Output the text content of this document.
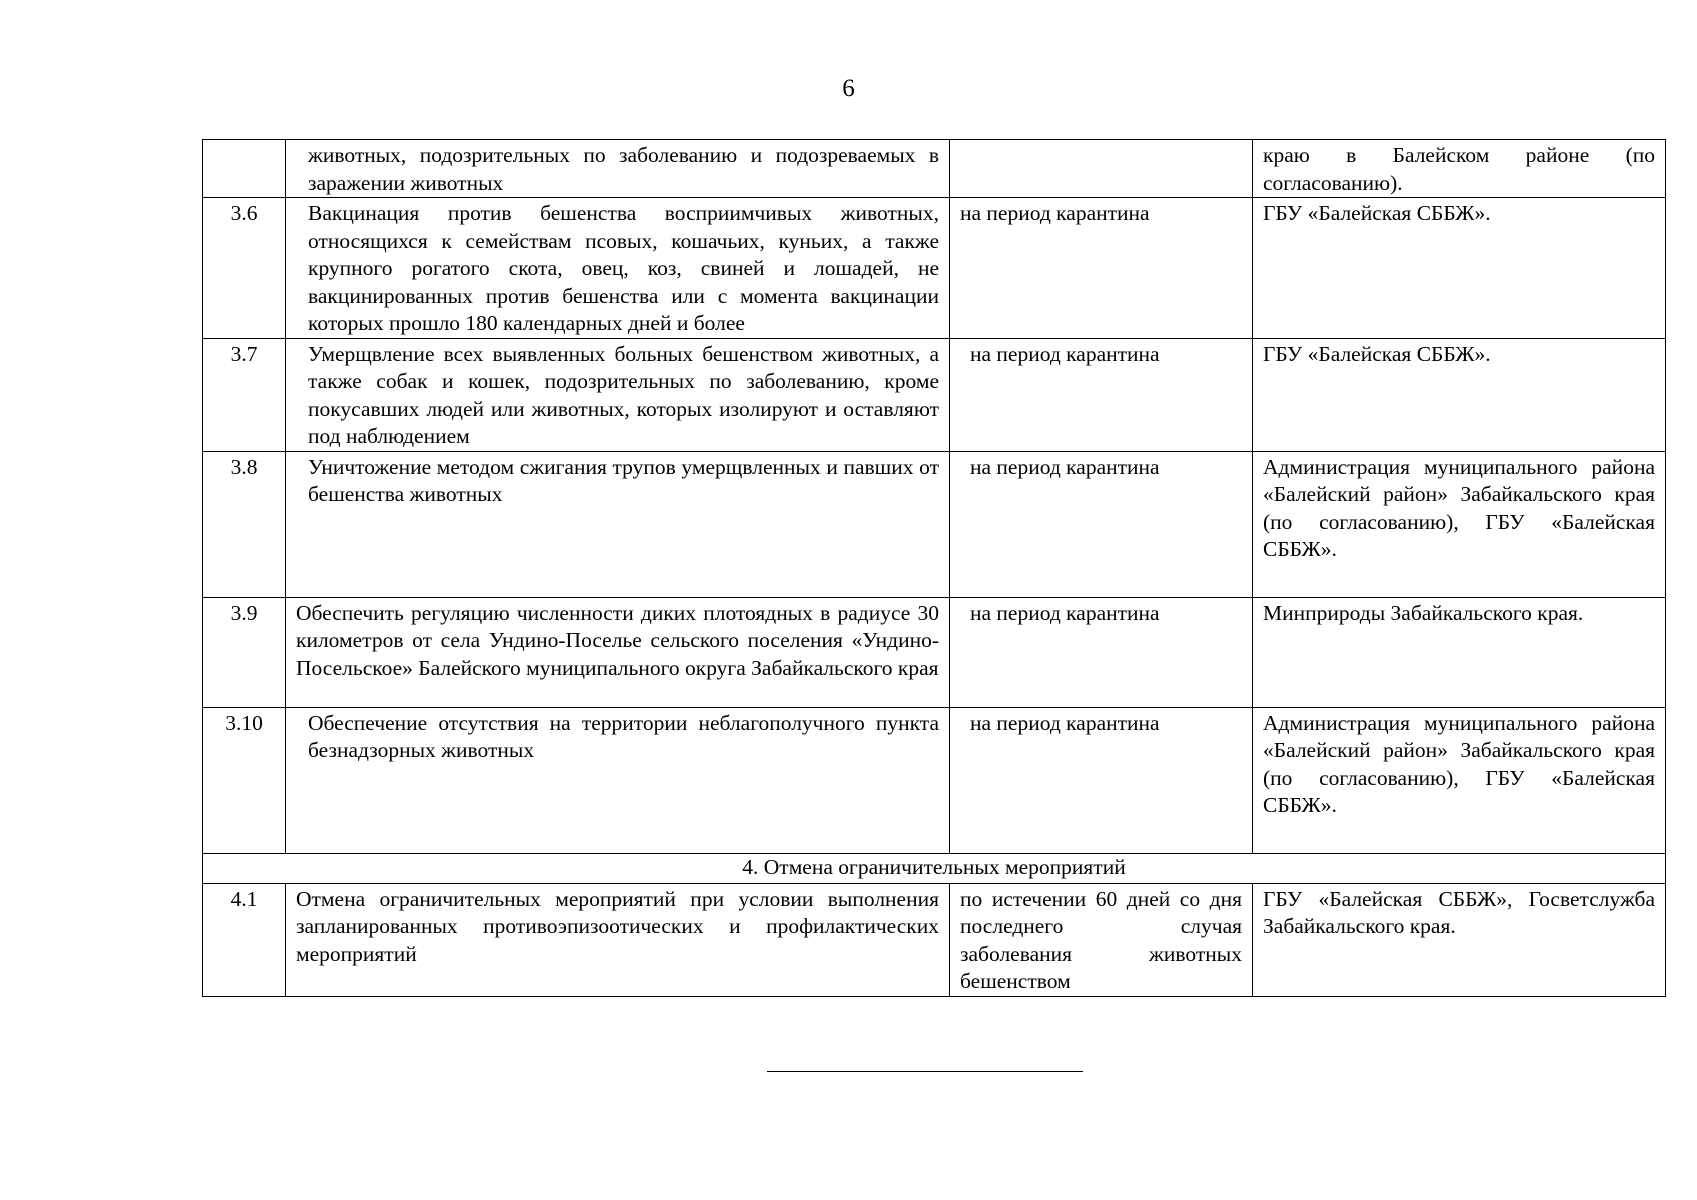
6
	животных, подозрительных по заболеванию и подозреваемых в заражении животных		краю в Балейском районе (по согласованию).
3.6	Вакцинация против бешенства восприимчивых животных, относящихся к семействам псовых, кошачьих, куньих, а также крупного рогатого скота, овец, коз, свиней и лошадей, не вакцинированных против бешенства или с момента вакцинации которых прошло 180 календарных дней и более	на период карантина	ГБУ «Балейская СББЖ».
3.7	Умерщвление всех выявленных больных бешенством животных, а также собак и кошек, подозрительных по заболеванию, кроме покусавших людей или животных, которых изолируют и оставляют под наблюдением	на период карантина	ГБУ «Балейская СББЖ».
3.8	Уничтожение методом сжигания трупов умерщвленных и павших от бешенства животных	на период карантина	Администрация муниципального района «Балейский район» Забайкальского края (по согласованию), ГБУ «Балейская СББЖ».
3.9	Обеспечить регуляцию численности диких плотоядных в радиусе 30 километров от села Ундино-Поселье сельского поселения «Ундино-Посельское» Балейского муниципального округа Забайкальского края	на период карантина	Минприроды Забайкальского края.
3.10	Обеспечение отсутствия на территории неблагополучного пункта безнадзорных животных	на период карантина	Администрация муниципального района «Балейский район» Забайкальского края (по согласованию), ГБУ «Балейская СББЖ».
4. Отмена ограничительных мероприятий			
4.1	Отмена ограничительных мероприятий при условии выполнения запланированных противоэпизоотических и профилактических мероприятий	по истечении 60 дней со дня последнего случая заболевания животных бешенством	ГБУ «Балейская СББЖ», Госветслужба Забайкальского края.
